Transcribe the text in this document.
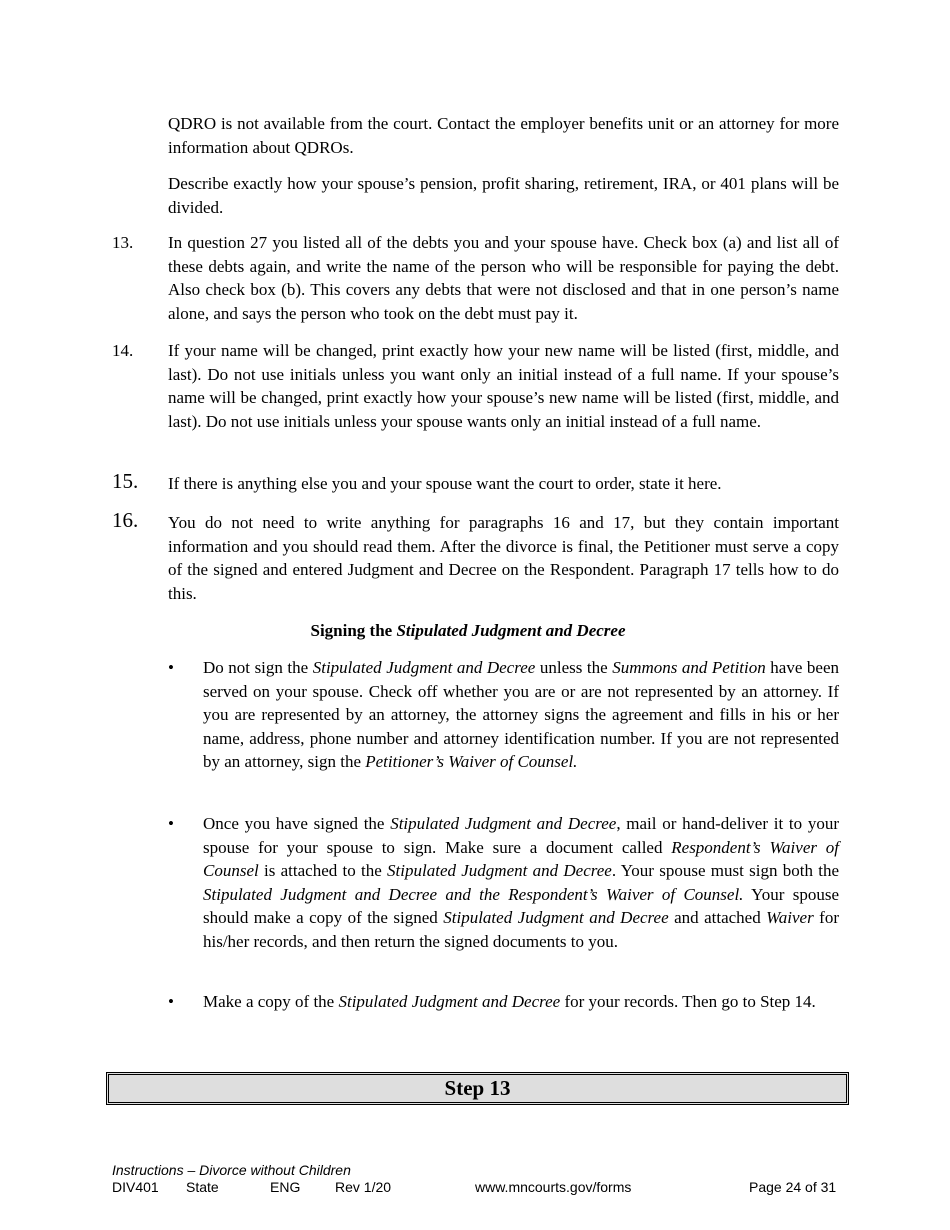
QDRO is not available from the court. Contact the employer benefits unit or an attorney for more information about QDROs.

Describe exactly how your spouse’s pension, profit sharing, retirement, IRA, or 401 plans will be divided.

13. In question 27 you listed all of the debts you and your spouse have. Check box (a) and list all of these debts again, and write the name of the person who will be responsible for paying the debt. Also check box (b). This covers any debts that were not disclosed and that in one person’s name alone, and says the person who took on the debt must pay it.

14. If your name will be changed, print exactly how your new name will be listed (first, middle, and last). Do not use initials unless you want only an initial instead of a full name. If your spouse’s name will be changed, print exactly how your spouse’s new name will be listed (first, middle, and last). Do not use initials unless your spouse wants only an initial instead of a full name.

15. If there is anything else you and your spouse want the court to order, state it here.

16. You do not need to write anything for paragraphs 16 and 17, but they contain important information and you should read them. After the divorce is final, the Petitioner must serve a copy of the signed and entered Judgment and Decree on the Respondent. Paragraph 17 tells how to do this.

Signing the Stipulated Judgment and Decree
• Do not sign the Stipulated Judgment and Decree unless the Summons and Petition have been served on your spouse. Check off whether you are or are not represented by an attorney. If you are represented by an attorney, the attorney signs the agreement and fills in his or her name, address, phone number and attorney identification number. If you are not represented by an attorney, sign the Petitioner’s Waiver of Counsel.

• Once you have signed the Stipulated Judgment and Decree, mail or hand-deliver it to your spouse for your spouse to sign. Make sure a document called Respondent’s Waiver of Counsel is attached to the Stipulated Judgment and Decree. Your spouse must sign both the Stipulated Judgment and Decree and the Respondent’s Waiver of Counsel. Your spouse should make a copy of the signed Stipulated Judgment and Decree and attached Waiver for his/her records, and then return the signed documents to you.

• Make a copy of the Stipulated Judgment and Decree for your records. Then go to Step 14.

Step 13
Instructions – Divorce without Children
DIV401 State	ENG Rev 1/20	www.mncourts.gov/forms	Page 24 of 31
